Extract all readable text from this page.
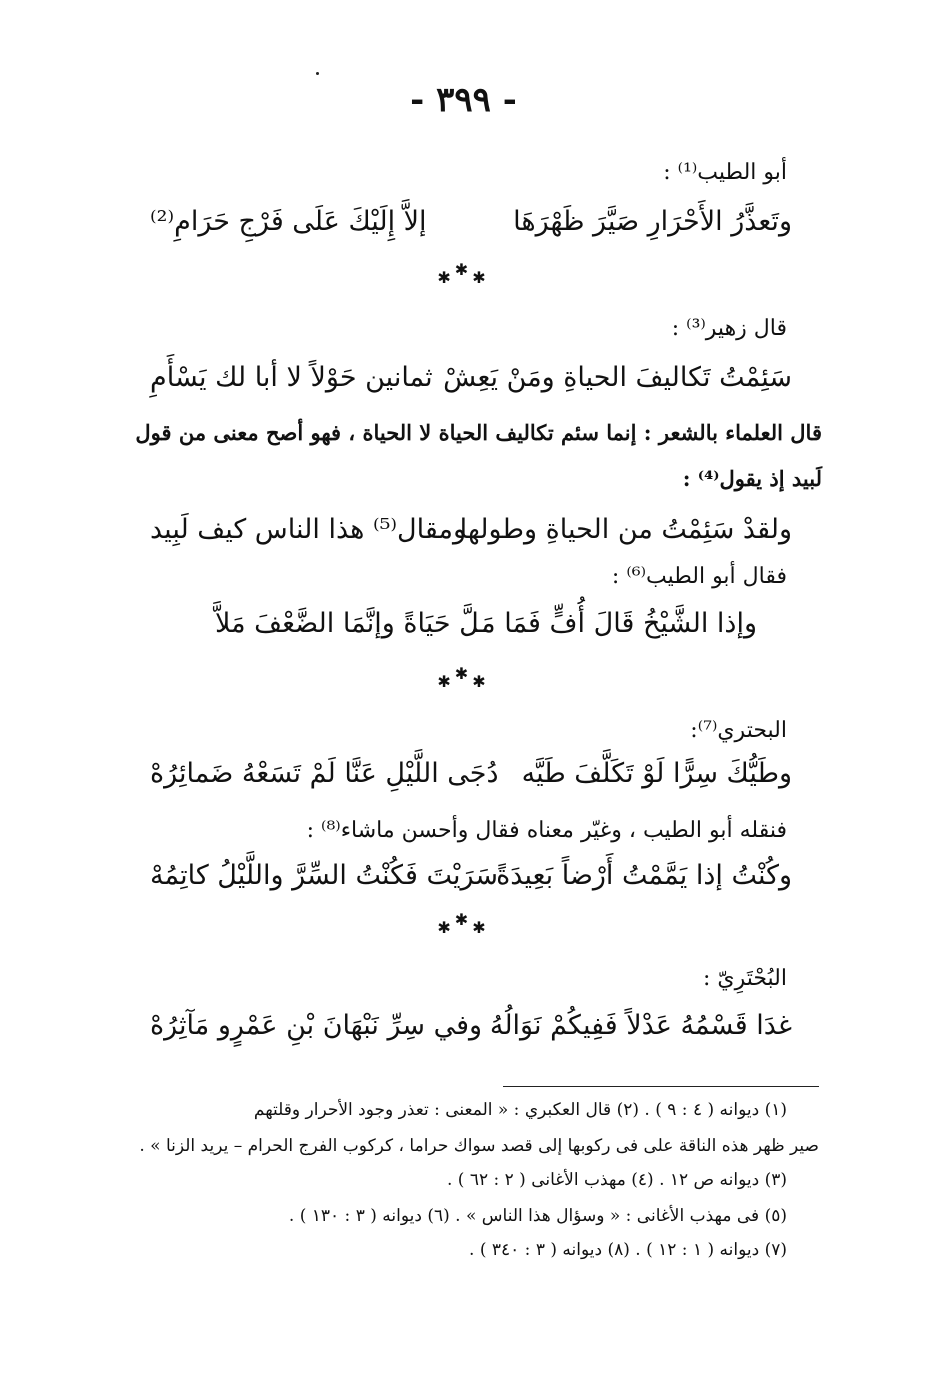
- ٣٩٩ -
أبو الطيب⁽¹⁾ :
وتَعذَّرُ الأَحْرَارِ صَيَّرَ ظَهْرَهَا
إلاَّ إِلَيْكَ عَلَى فَرْجِ حَرَامِ⁽²⁾
✱✱✱
قال زهير⁽³⁾ :
سَئِمْتُ تَكاليفَ الحياةِ ومَنْ يَعِشْ
ثمانين حَوْلاً لا أبا لك يَسْأَمِ
قال العلماء بالشعر : إنما سئم تكاليف الحياة لا الحياة ، فهو أصح معنى من قول
لَبيد إذ يقول⁽⁴⁾ :
ولقدْ سَئِمْتُ من الحياةِ وطولها
ومقال⁽⁵⁾ هذا الناس كيف لَبِيد
فقال أبو الطيب⁽⁶⁾ :
وإذا الشَّيْخُ قَالَ أُفٍّ فَمَا مَـ
ـلَّ حَيَاةً وإنَّمَا الضَّعْفَ مَلاَّ
✱✱✱
البحتري⁽⁷⁾:
وطَيُّكَ سِرًّا لَوْ تَكَلَّفَ طَيَّه
دُجَى اللَّيْلِ عَنَّا لَمْ تَسَعْهُ ضَمائِرُهْ
فنقله أبو الطيب ، وغيّر معناه فقال وأحسن ماشاء⁽⁸⁾ :
وكُنْتُ إذا يَمَّمْتُ أَرْضاً بَعِيدَةً
سَرَيْتَ فَكُنْتُ السِّرَّ واللَّيْلُ كاتِمُهْ
✱✱✱
البُحْتَرِيّ :
غدَا قَسْمُهُ عَدْلاً فَفِيكُمْ نَوَالُهُ
وفي سِرِّ نَبْهَانَ بْنِ عَمْرٍو مَآثِرُهْ
(١) ديوانه ( ٤ : ٩ ) . (٢) قال العكبري : « المعنى : تعذر وجود الأحرار وقلتهم
صير ظهر هذه الناقة على فى ركوبها إلى قصد سواك حراما ، كركوب الفرج الحرام – يريد الزنا » .
(٣) ديوانه ص ١٢ . (٤) مهذب الأغانى ( ٢ : ٦٢ ) .
(٥) فى مهذب الأغانى : « وسؤال هذا الناس » . (٦) ديوانه ( ٣ : ١٣٠ ) .
(٧) ديوانه ( ١ : ١٢ ) . (٨) ديوانه ( ٣ : ٣٤٠ ) .
